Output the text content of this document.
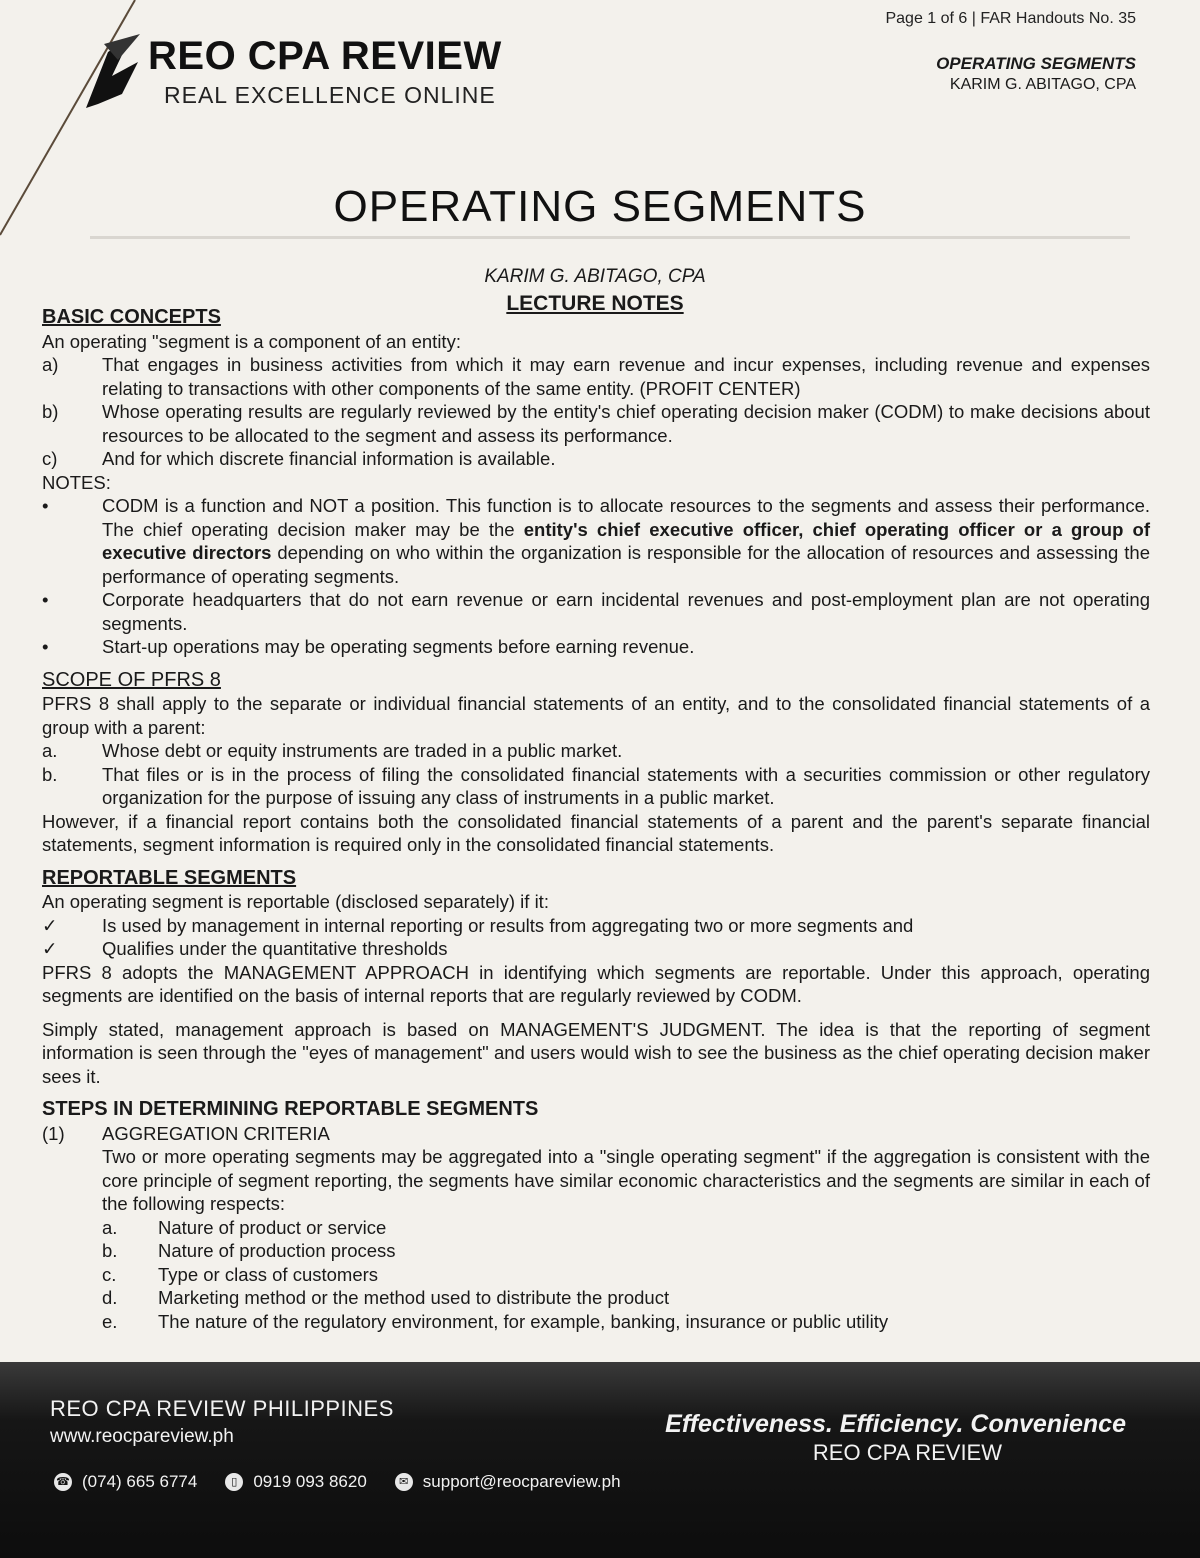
REO CPA REVIEW
REAL EXCELLENCE ONLINE
Page 1 of 6 | FAR Handouts No. 35
OPERATING SEGMENTS
KARIM G. ABITAGO, CPA
OPERATING SEGMENTS
KARIM G. ABITAGO, CPA
LECTURE NOTES
BASIC CONCEPTS

An operating "segment is a component of an entity:

a)	That engages in business activities from which it may earn revenue and incur expenses, including revenue and expenses relating to transactions with other components of the same entity. (PROFIT CENTER)
b)	Whose operating results are regularly reviewed by the entity's chief operating decision maker (CODM) to make decisions about resources to be allocated to the segment and assess its performance.
c)	And for which discrete financial information is available.

NOTES:

•	CODM is a function and NOT a position. This function is to allocate resources to the segments and assess their performance. The chief operating decision maker may be the entity's chief executive officer, chief operating officer or a group of executive directors depending on who within the organization is responsible for the allocation of resources and assessing the performance of operating segments.
•	Corporate headquarters that do not earn revenue or earn incidental revenues and post-employment plan are not operating segments.
•	Start-up operations may be operating segments before earning revenue.
SCOPE OF PFRS 8

PFRS 8 shall apply to the separate or individual financial statements of an entity, and to the consolidated financial statements of a group with a parent:

a.	Whose debt or equity instruments are traded in a public market.
b.	That files or is in the process of filing the consolidated financial statements with a securities commission or other regulatory organization for the purpose of issuing any class of instruments in a public market.

However, if a financial report contains both the consolidated financial statements of a parent and the parent's separate financial statements, segment information is required only in the consolidated financial statements.

REPORTABLE SEGMENTS

An operating segment is reportable (disclosed separately) if it:

✓	Is used by management in internal reporting or results from aggregating two or more segments and
✓	Qualifies under the quantitative thresholds

PFRS 8 adopts the MANAGEMENT APPROACH in identifying which segments are reportable. Under this approach, operating segments are identified on the basis of internal reports that are regularly reviewed by CODM.

Simply stated, management approach is based on MANAGEMENT'S JUDGMENT. The idea is that the reporting of segment information is seen through the "eyes of management" and users would wish to see the business as the chief operating decision maker sees it.

STEPS IN DETERMINING REPORTABLE SEGMENTS
(1)	AGGREGATION CRITERIA

Two or more operating segments may be aggregated into a "single operating segment" if the aggregation is consistent with the core principle of segment reporting, the segments have similar economic characteristics and the segments are similar in each of the following respects:

a.	Nature of product or service
b.	Nature of production process
c.	Type or class of customers
d.	Marketing method or the method used to distribute the product
e.	The nature of the regulatory environment, for example, banking, insurance or public utility
REO CPA REVIEW PHILIPPINES
www.reocpareview.ph	Effectiveness. Efficiency. Convenience
REO CPA REVIEW
☎ (074) 665 6774	▯ 0919 093 8620	✉ support@reocpareview.ph
